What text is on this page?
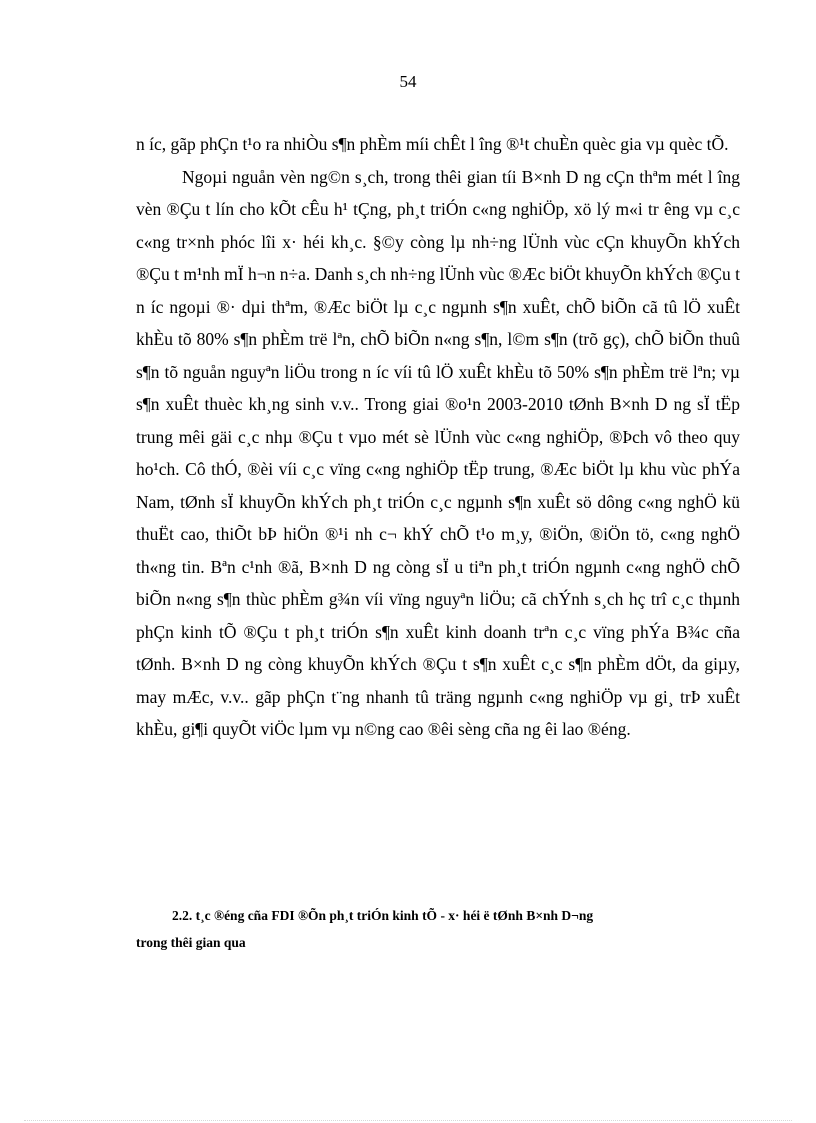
54

n íc, gãp phÇn t¹o ra nhiÒu s¶n phÈm míi chÊt l îng ®¹t chuÈn quèc gia vµ quèc tÕ.

Ngoµi nguån vèn ng©n s¸ch, trong thêi gian tíi B×nh D ng cÇn thªm mét l îng vèn ®Çu t lín cho kÕt cÊu h¹ tÇng, ph¸t triÓn c«ng nghiÖp, xö lý m«i tr êng vµ c¸c c«ng tr×nh phóc lîi x· héi kh¸c. §©y còng lµ nh÷ng lÜnh vùc cÇn khuyÕn khÝch ®Çu t m¹nh mÏ h¬n n÷a. Danh s¸ch nh÷ng lÜnh vùc ®Æc biÖt khuyÕn khÝch ®Çu t n íc ngoµi ®· dµi thªm, ®Æc biÖt lµ c¸c ngµnh s¶n xuÊt, chÕ biÕn cã tû lÖ xuÊt khÈu tõ 80% s¶n phÈm trë lªn, chÕ biÕn n«ng s¶n, l©m s¶n (trõ gç), chÕ biÕn thuû s¶n tõ nguån nguyªn liÖu trong n íc víi tû lÖ xuÊt khÈu tõ 50% s¶n phÈm trë lªn; vµ s¶n xuÊt thuèc kh¸ng sinh v.v.. Trong giai ®o¹n 2003-2010 tØnh B×nh D ng sÏ tËp trung mêi gäi c¸c nhµ ®Çu t vµo mét sè lÜnh vùc c«ng nghiÖp, ®Þch vô theo quy ho¹ch. Cô thÓ, ®èi víi c¸c vïng c«ng nghiÖp tËp trung, ®Æc biÖt lµ khu vùc phÝa Nam, tØnh sÏ khuyÕn khÝch ph¸t triÓn c¸c ngµnh s¶n xuÊt sö dông c«ng nghÖ kü thuËt cao, thiÕt bÞ hiÖn ®¹i nh c¬ khÝ chÕ t¹o m¸y, ®iÖn, ®iÖn tö, c«ng nghÖ th«ng tin. Bªn c¹nh ®ã, B×nh D ng còng sÏ u tiªn ph¸t triÓn ngµnh c«ng nghÖ chÕ biÕn n«ng s¶n thùc phÈm g¾n víi vïng nguyªn liÖu; cã chÝnh s¸ch hç trî c¸c thµnh phÇn kinh tÕ ®Çu t ph¸t triÓn s¶n xuÊt kinh doanh trªn c¸c vïng phÝa B¾c cña tØnh. B×nh D ng còng khuyÕn khÝch ®Çu t s¶n xuÊt c¸c s¶n phÈm dÖt, da giµy, may mÆc, v.v.. gãp phÇn t¨ng nhanh tû träng ngµnh c«ng nghiÖp vµ gi¸ trÞ xuÊt khÈu, gi¶i quyÕt viÖc lµm vµ n©ng cao ®êi sèng cña ng êi lao ®éng.

2.2. t¸c ®éng cña FDI ®Õn ph¸t triÓn kinh tÕ - x· héi ë tØnh B×nh D¬ng
trong thêi gian qua
